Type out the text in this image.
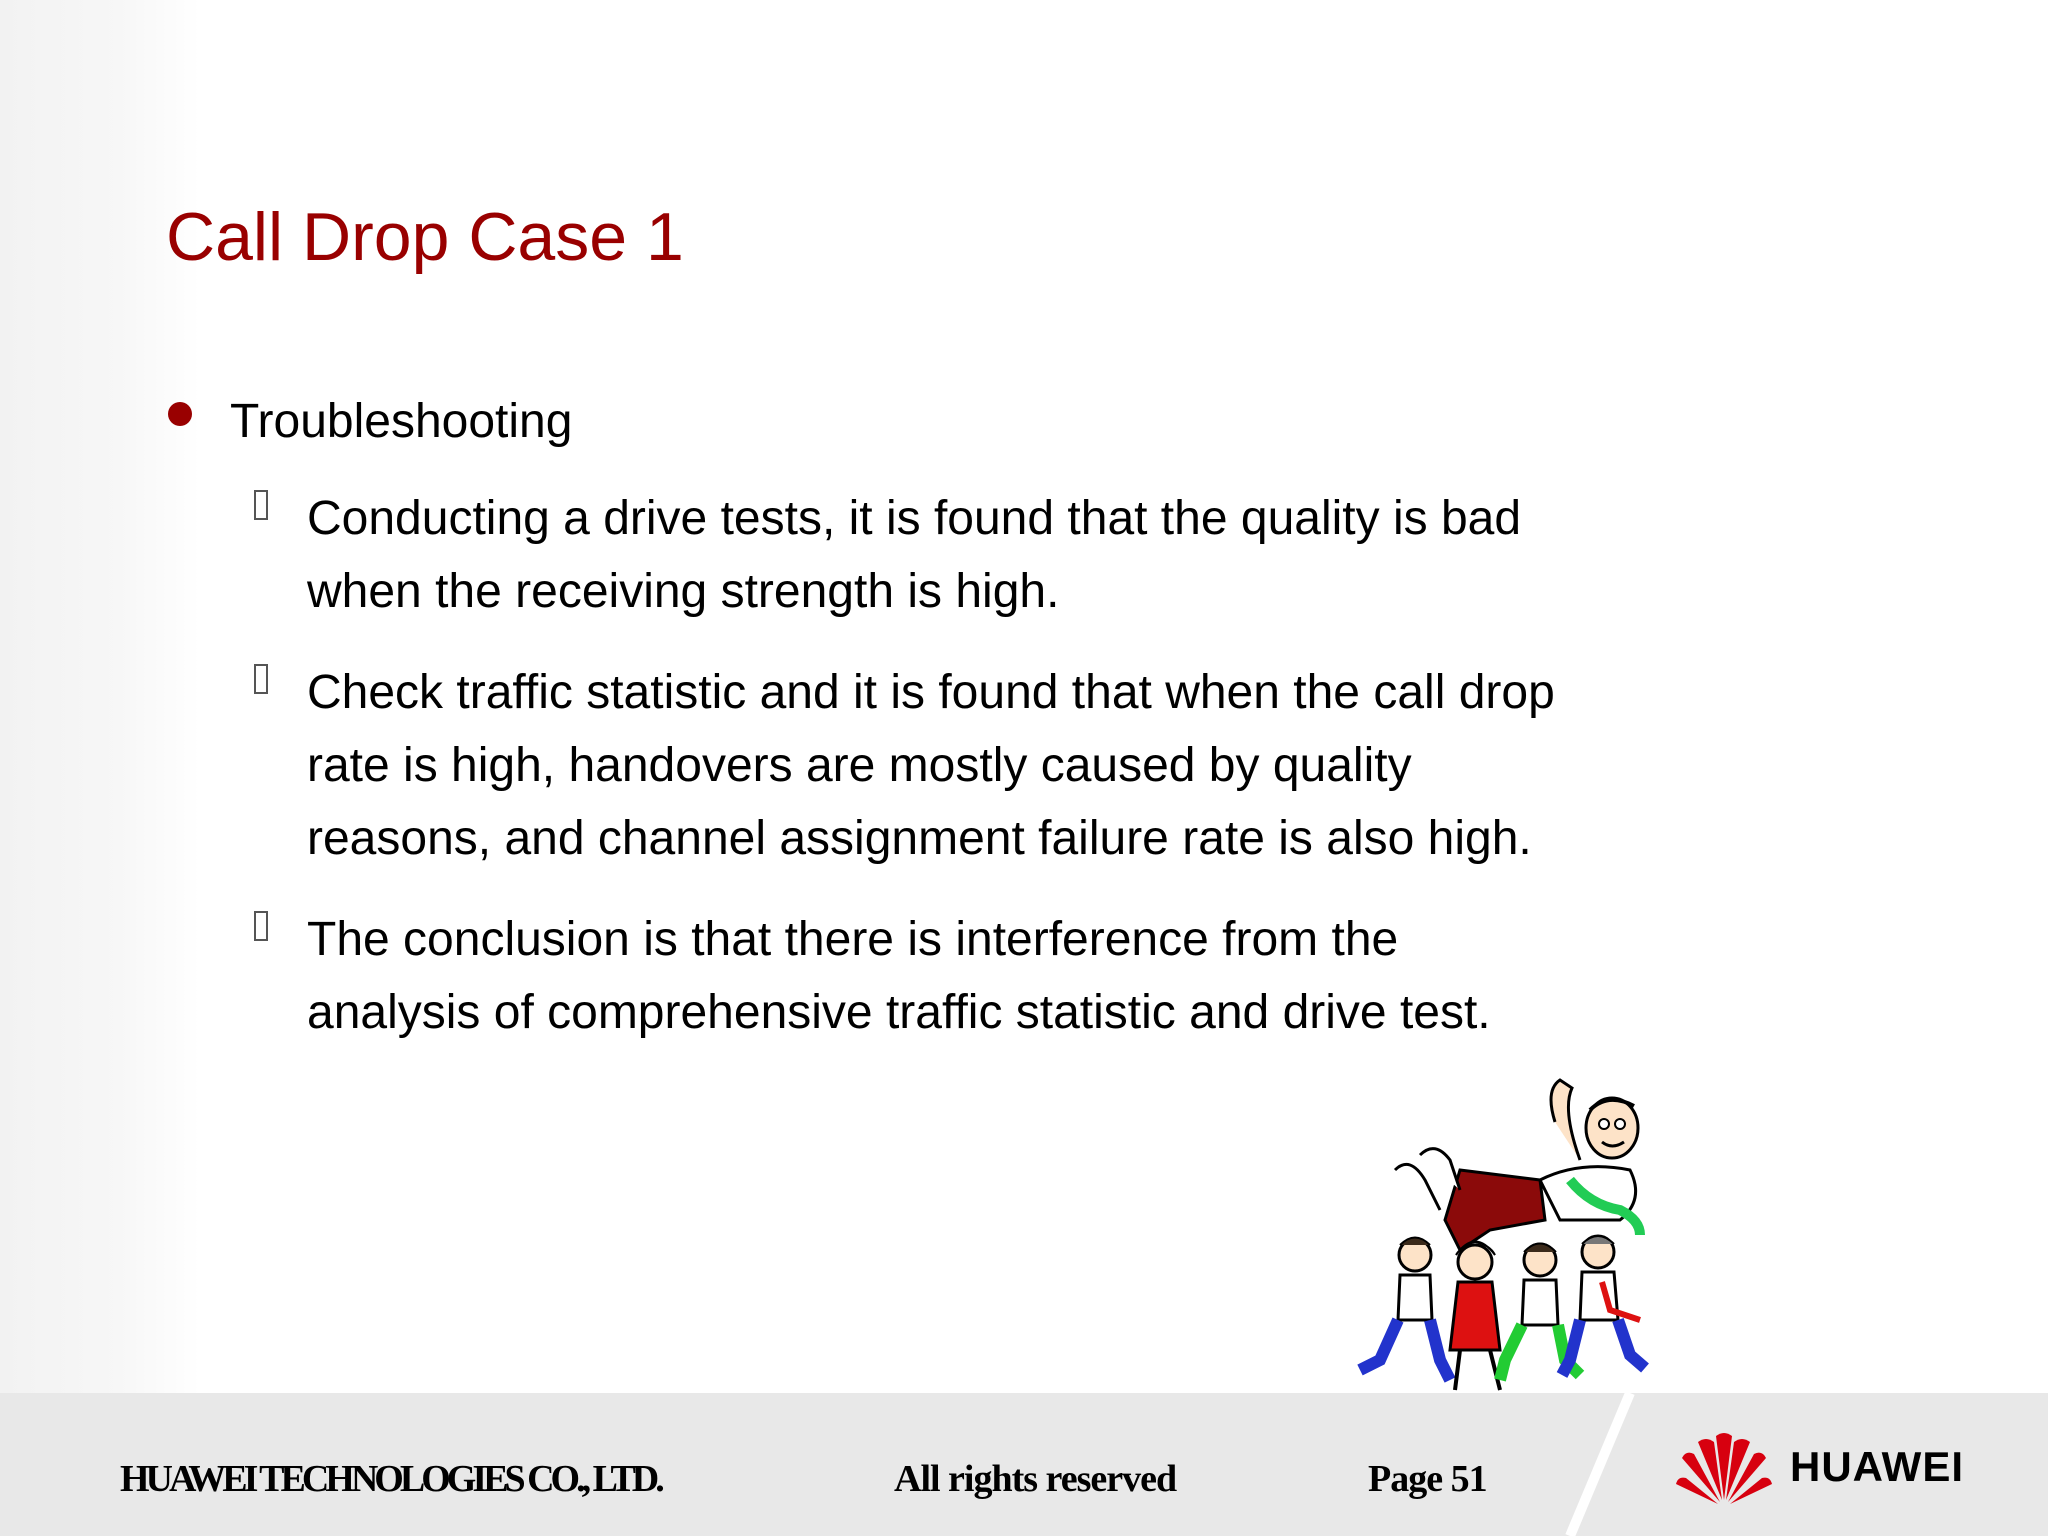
Call Drop Case 1
Troubleshooting
Conducting a drive tests, it is found that the quality is bad
when the receiving strength is high.
Check traffic statistic and it is found that when the call drop
rate is high, handovers are mostly caused by quality
reasons, and channel assignment failure rate is also high.
The conclusion is that there is interference from the
analysis of comprehensive traffic statistic and drive test.
HUAWEI TECHNOLOGIES CO., LTD.	All rights reserved	Page 51	HUAWEI
